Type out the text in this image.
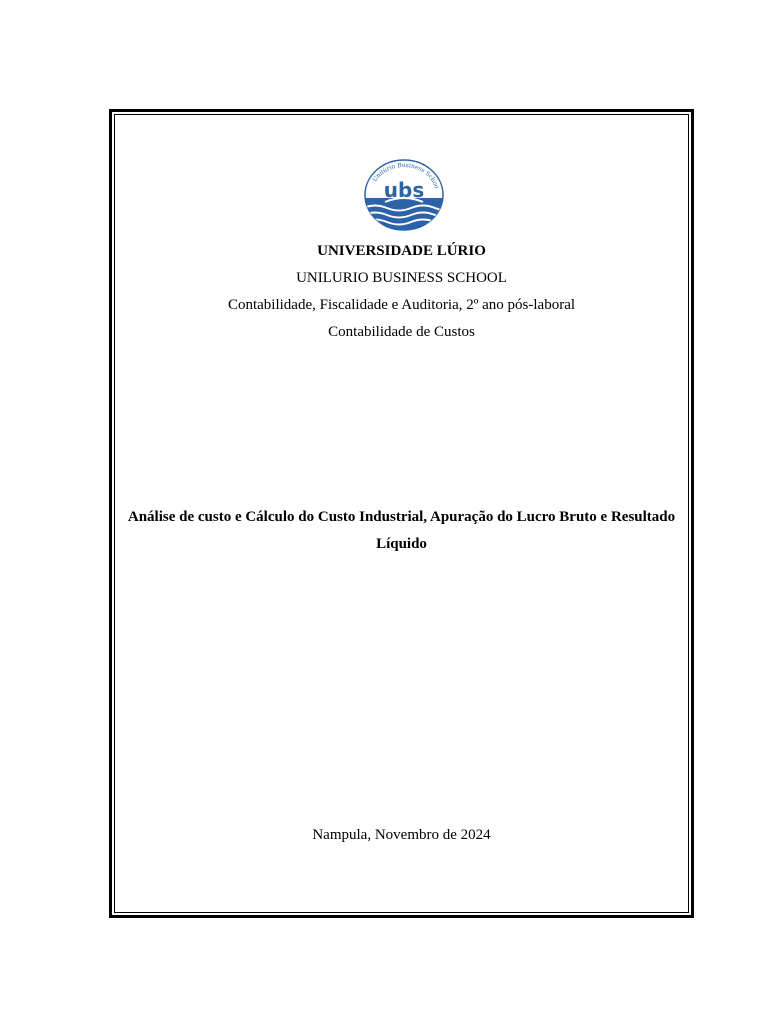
ubs
Unilúrio Business Schoo

UNIVERSIDADE LÚRIO

UNILURIO BUSINESS SCHOOL

Contabilidade, Fiscalidade e Auditoria, 2º ano pós-laboral

Contabilidade de Custos

Análise de custo e Cálculo do Custo Industrial, Apuração do Lucro Bruto e Resultado
Líquido
Nampula, Novembro de 2024
